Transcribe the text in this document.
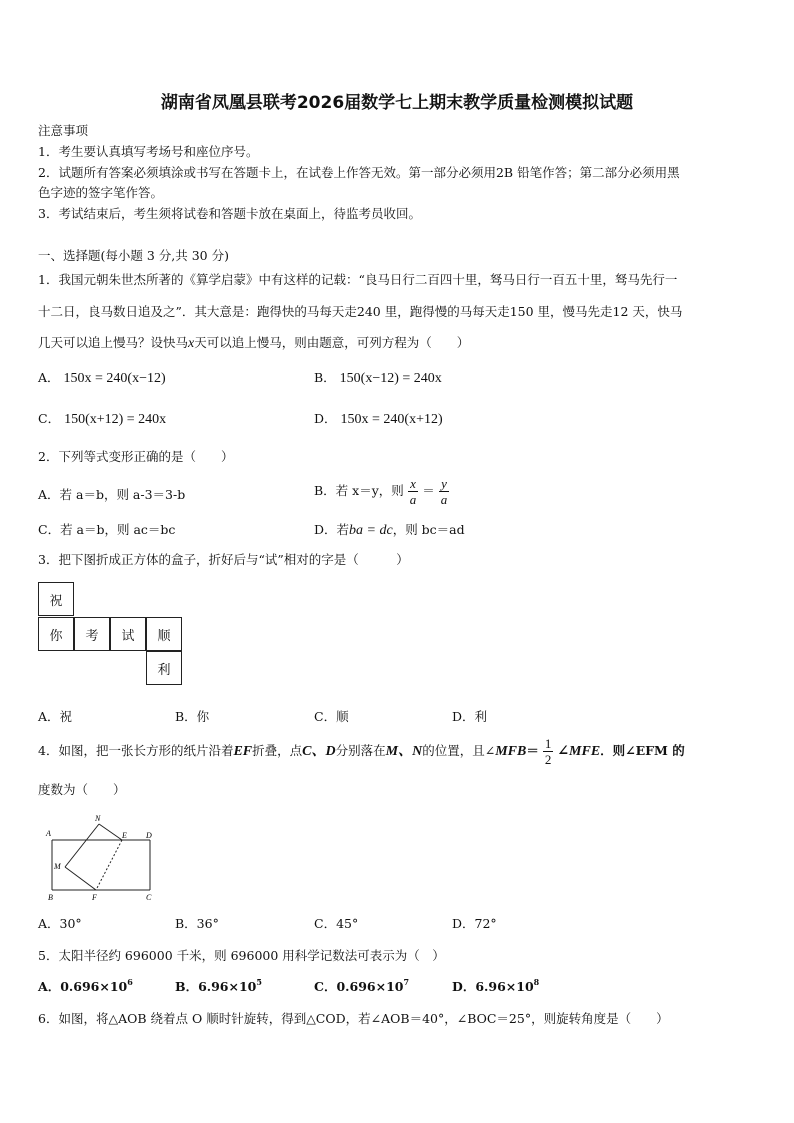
湖南省凤凰县联考2026届数学七上期末教学质量检测模拟试题
注意事项
1．考生要认真填写考场号和座位序号。
2．试题所有答案必须填涂或书写在答题卡上，在试卷上作答无效。第一部分必须用2B 铅笔作答；第二部分必须用黑
色字迹的签字笔作答。
3．考试结束后，考生须将试卷和答题卡放在桌面上，待监考员收回。
一、选择题(每小题 3 分,共 30 分)
1．我国元朝朱世杰所著的《算学启蒙》中有这样的记载：“良马日行二百四十里，驽马日行一百五十里，驽马先行一
十二日，良马数日追及之”．其大意是：跑得快的马每天走240 里，跑得慢的马每天走150 里，慢马先走12 天，快马
几天可以追上慢马？设快马x天可以追上慢马，则由题意，可列方程为（　　）
A． 150x = 240(x−12)	B． 150(x−12) = 240x
C． 150(x+12) = 240x	D． 150x = 240(x+12)
2．下列等式变形正确的是（　　）
A．若 a＝b，则 a-3＝3-b	B．若 x＝y，则 $\frac{x}{a} = \frac{y}{a}$
C．若 a＝b，则 ac＝bc	D．若ba = dc，则 bc＝ad
3．把下图折成正方体的盒子，折好后与“试”相对的字是（　　　）
祝
你	考	试	顺
利
A．祝	B．你	C．顺	D．利
4．如图，把一张长方形的纸片沿着EF折叠，点C、D分别落在M、N的位置，且∠MFB＝ $\frac{1}{2}$ ∠MFE．则∠EFM 的
度数为（　　）
A
N
E D
M
B	F	C
A．30°	B．36°	C．45°	D．72°
5．太阳半径约 696000 千米，则 696000 用科学记数法可表示为（　）
A．$0.696\times 10^6$	B．$6.96\times 10^5$	C．$0.696\times 10^7$	D．$6.96\times 10^8$
6．如图，将△AOB 绕着点 O 顺时针旋转，得到△COD，若∠AOB＝40°，∠BOC＝25°，则旋转角度是（　　）
